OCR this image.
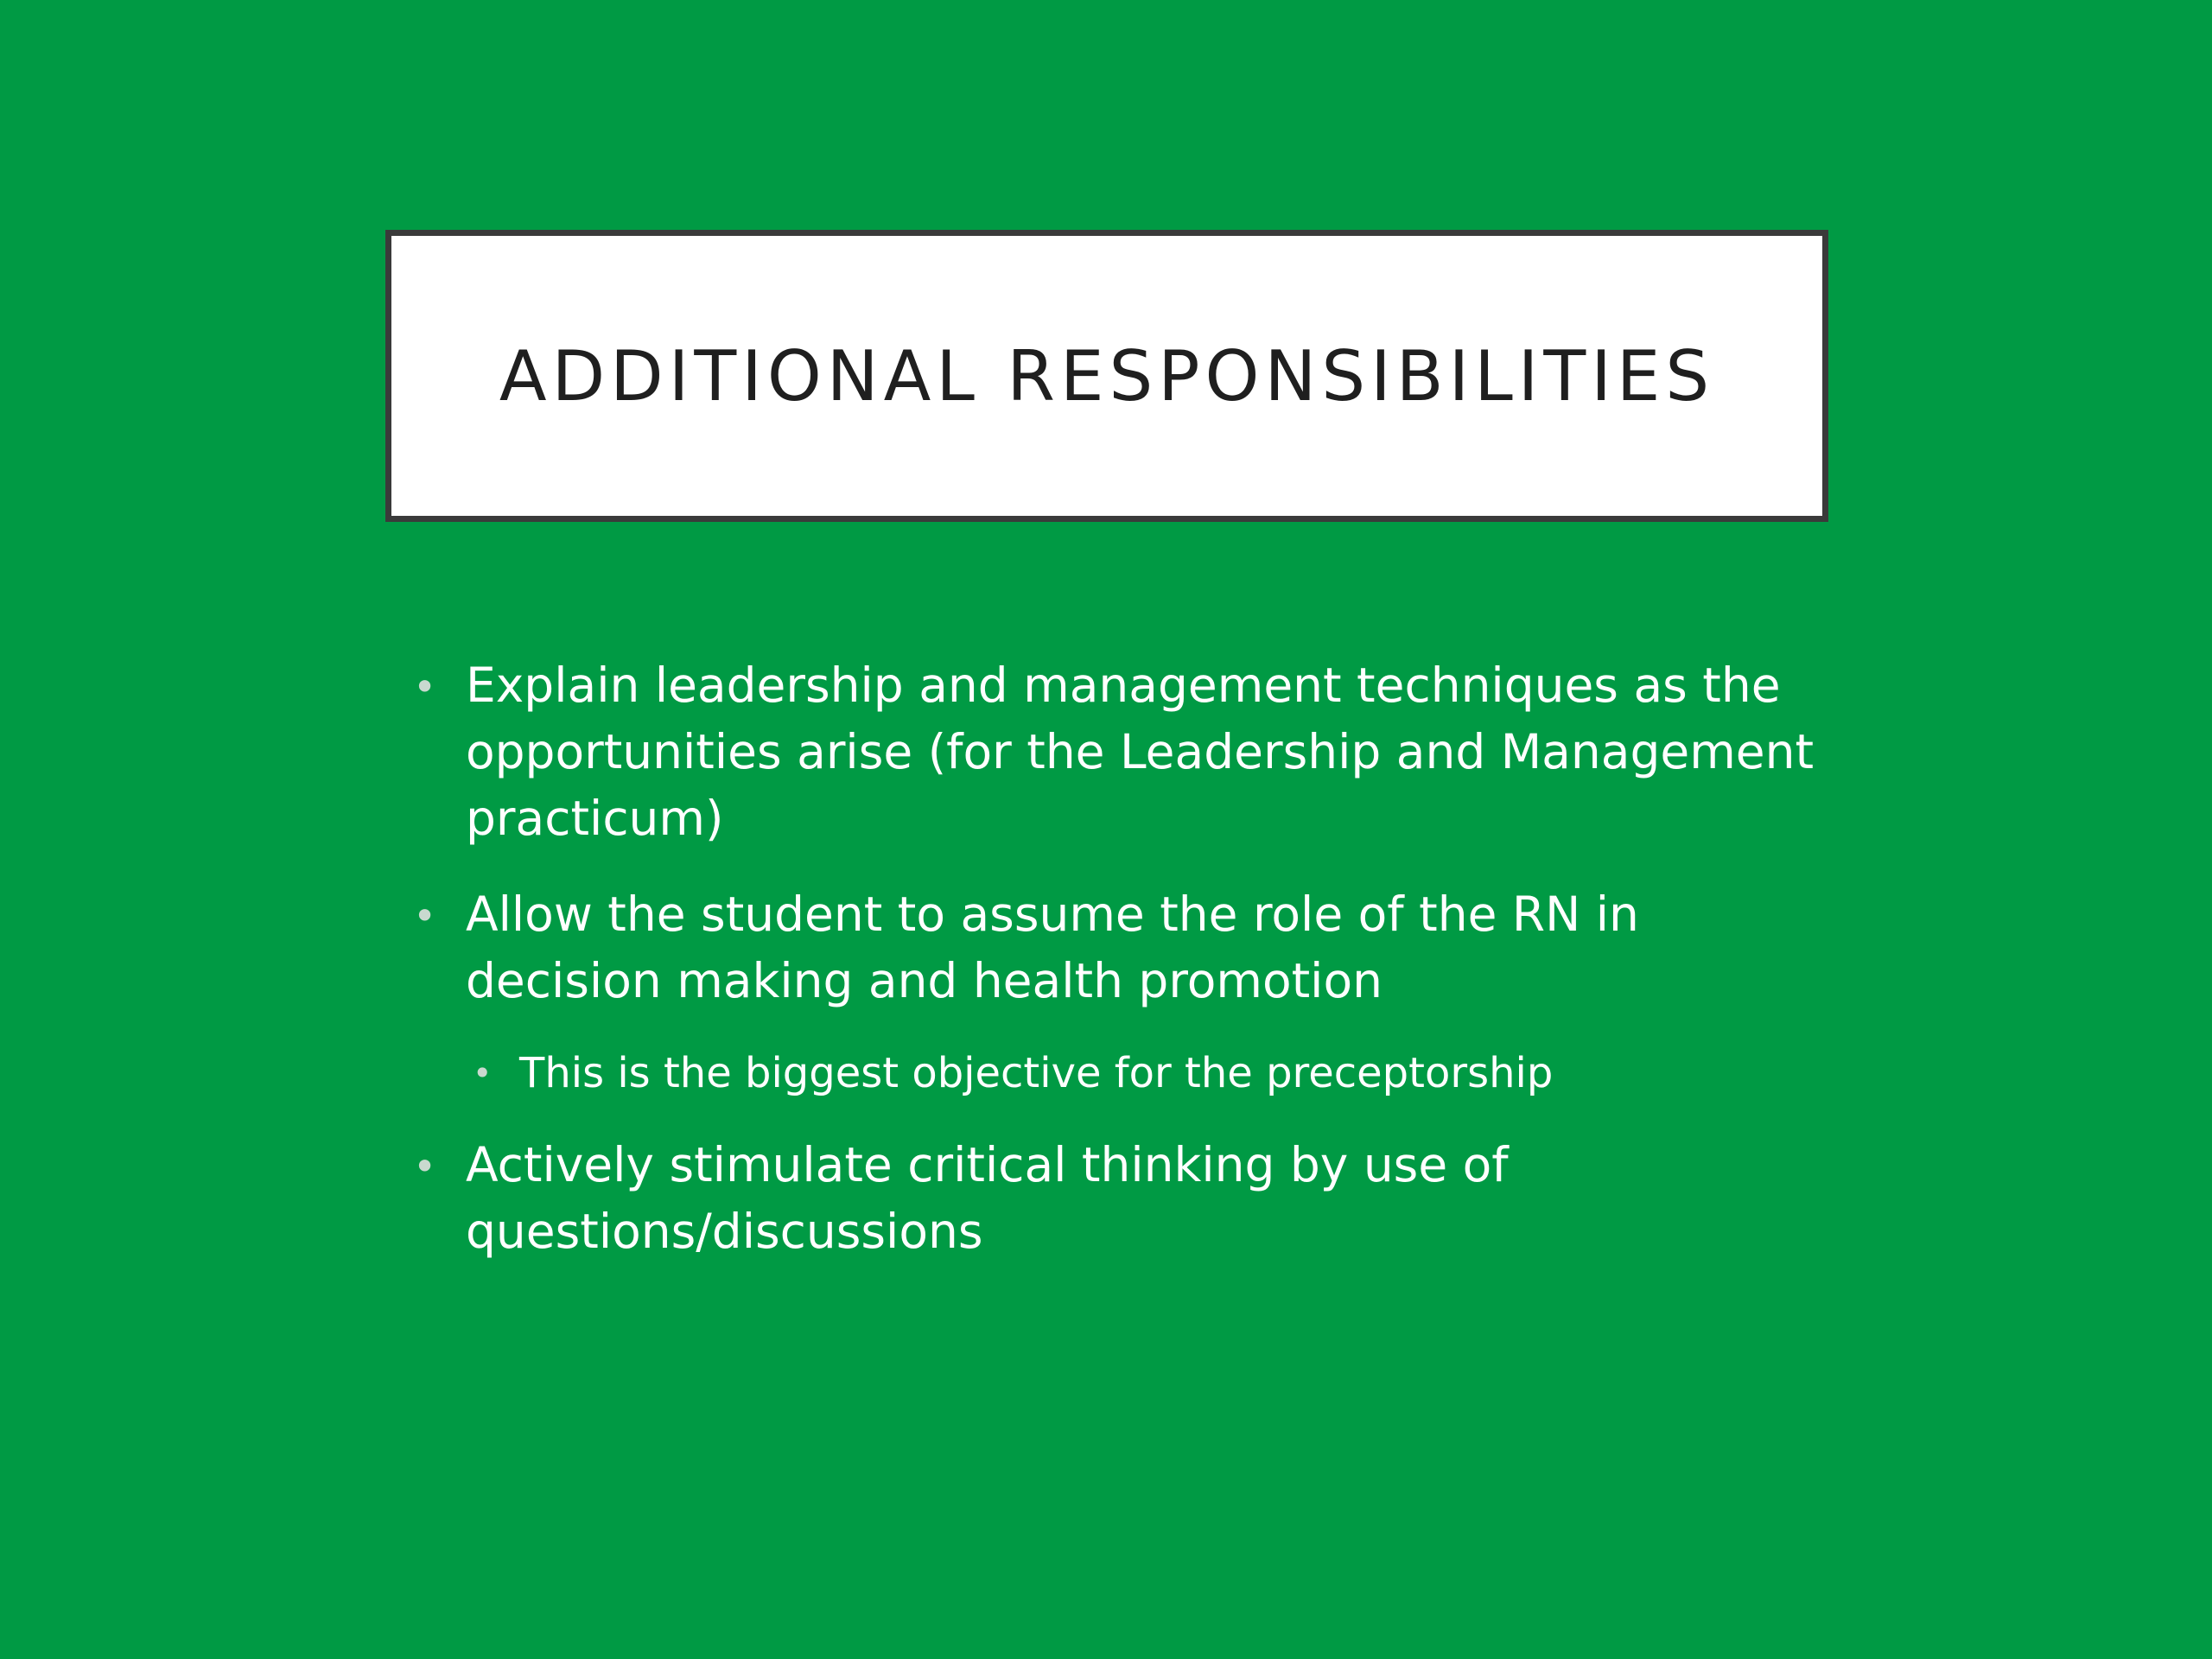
ADDITIONAL RESPONSIBILITIES
• Explain leadership and management techniques as the opportunities arise (for the Leadership and Management practicum)
• Allow the student to assume the role of the RN in decision making and health promotion
• This is the biggest objective for the preceptorship
• Actively stimulate critical thinking by use of questions/discussions
